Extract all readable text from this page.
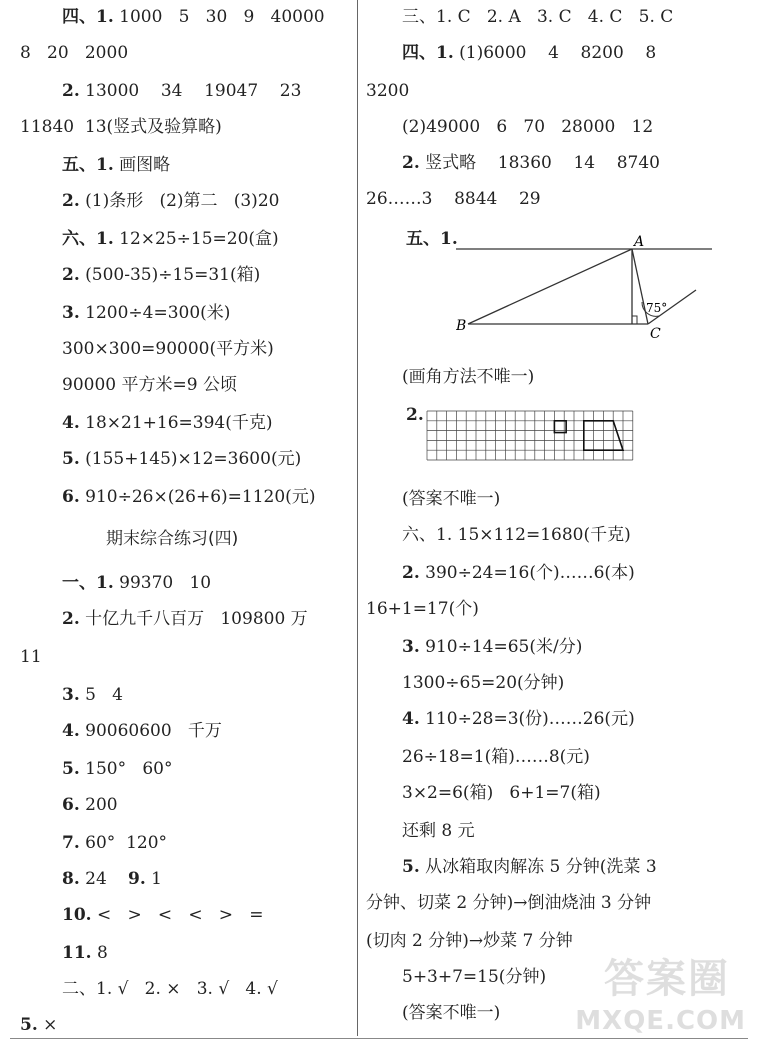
四、1. 1000   5   30   9   40000
8   20   2000
2. 13000    34    19047    23
11840  13(竖式及验算略)
五、1. 画图略
2. (1)条形   (2)第二   (3)20
六、1. 12×25÷15=20(盒)
2. (500-35)÷15=31(箱)
3. 1200÷4=300(米)
300×300=90000(平方米)
90000 平方米=9 公顷
4. 18×21+16=394(千克)
5. (155+145)×12=3600(元)
6. 910÷26×(26+6)=1120(元)
期末综合练习(四)
一、1. 99370   10
2. 十亿九千八百万   109800 万
11
3. 5   4
4. 90060600   千万
5. 150°   60°
6. 200
7. 60°  120°
8. 24 9. 1
10. <   >   <   <   >   =
11. 8
二、1. √   2. ×   3. √   4. √
5. ×
A
B	C
75°
三、1. C   2. A   3. C   4. C   5. C
四、1. (1)6000    4    8200    8
3200
(2)49000   6   70   28000   12
2. 竖式略    18360    14    8740
26……3    8844    29
五、1.
(画角方法不唯一)
2.
(答案不唯一)
六、1. 15×112=1680(千克)
2. 390÷24=16(个)……6(本)
16+1=17(个)
3. 910÷14=65(米/分)
1300÷65=20(分钟)
4. 110÷28=3(份)……26(元)
26÷18=1(箱)……8(元)
3×2=6(箱)   6+1=7(箱)
还剩 8 元
5. 从冰箱取肉解冻 5 分钟(洗菜 3
分钟、切菜 2 分钟)→倒油烧油 3 分钟
(切肉 2 分钟)→炒菜 7 分钟
5+3+7=15(分钟)
(答案不唯一)
答案圈
MXQE.COM
